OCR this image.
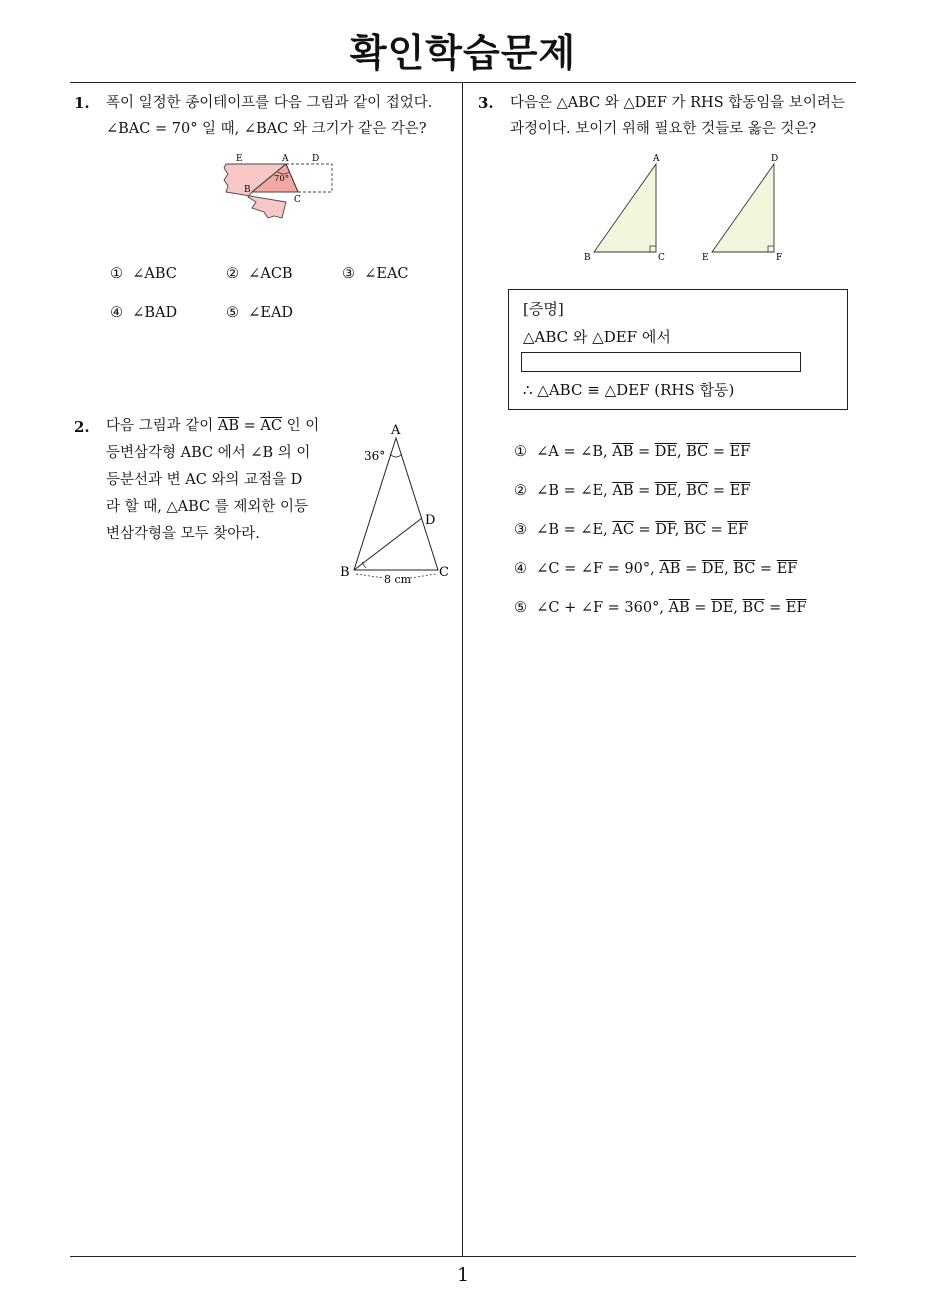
확인학습문제
1
1. 폭이 일정한 종이테이프를 다음 그림과 같이 접었다.
∠BAC = 70° 일 때, ∠BAC 와 크기가 같은 각은?
E	A	D
B
C
70°
① ∠ABC	② ∠ACB	③ ∠EAC
④ ∠BAD	⑤ ∠EAD
2. 다음 그림과 같이 $\overline{AB} = \overline{AC}$ 인 이
등변삼각형 ABC 에서 ∠B 의 이
등분선과 변 AC 와의 교점을 D
라 할 때, △ABC 를 제외한 이등
변삼각형을 모두 찾아라.
A
B	C
D
36°
8 cm
3. 다음은 △ABC 와 △DEF 가 RHS 합동임을 보이려는
과정이다. 보이기 위해 필요한 것들로 옳은 것은?
A
B	C
D
E	F
[증명]
△ABC 와 △DEF 에서
∴ △ABC ≡ △DEF (RHS 합동)
① ∠A = ∠B, $\overline{AB} = \overline{DE}$, $\overline{BC} = \overline{EF}$
② ∠B = ∠E, $\overline{AB} = \overline{DE}$, $\overline{BC} = \overline{EF}$
③ ∠B = ∠E, $\overline{AC} = \overline{DF}$, $\overline{BC} = \overline{EF}$
④ ∠C = ∠F = 90°, $\overline{AB} = \overline{DE}$, $\overline{BC} = \overline{EF}$
⑤ ∠C + ∠F = 360°, $\overline{AB} = \overline{DE}$, $\overline{BC} = \overline{EF}$
